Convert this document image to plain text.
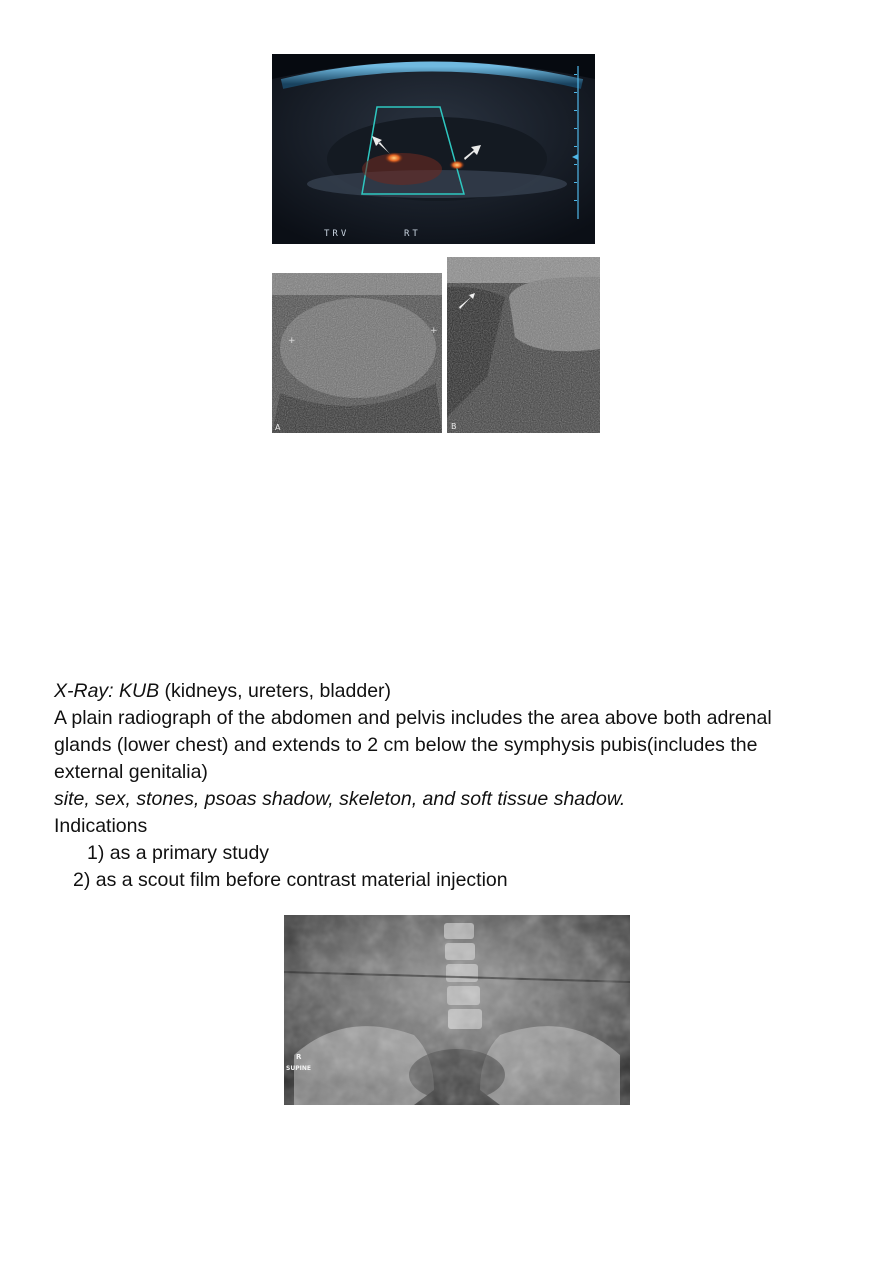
TRV	RT
+
+
A	B
X-Ray: KUB (kidneys, ureters, bladder)
A plain radiograph of the abdomen and pelvis includes the area above both adrenal
glands (lower chest) and extends to 2 cm below the symphysis pubis(includes the
external genitalia)
site, sex, stones, psoas shadow, skeleton, and soft tissue shadow.
Indications
1) as a primary study
2) as a scout film before contrast material injection
R
SUPINE
